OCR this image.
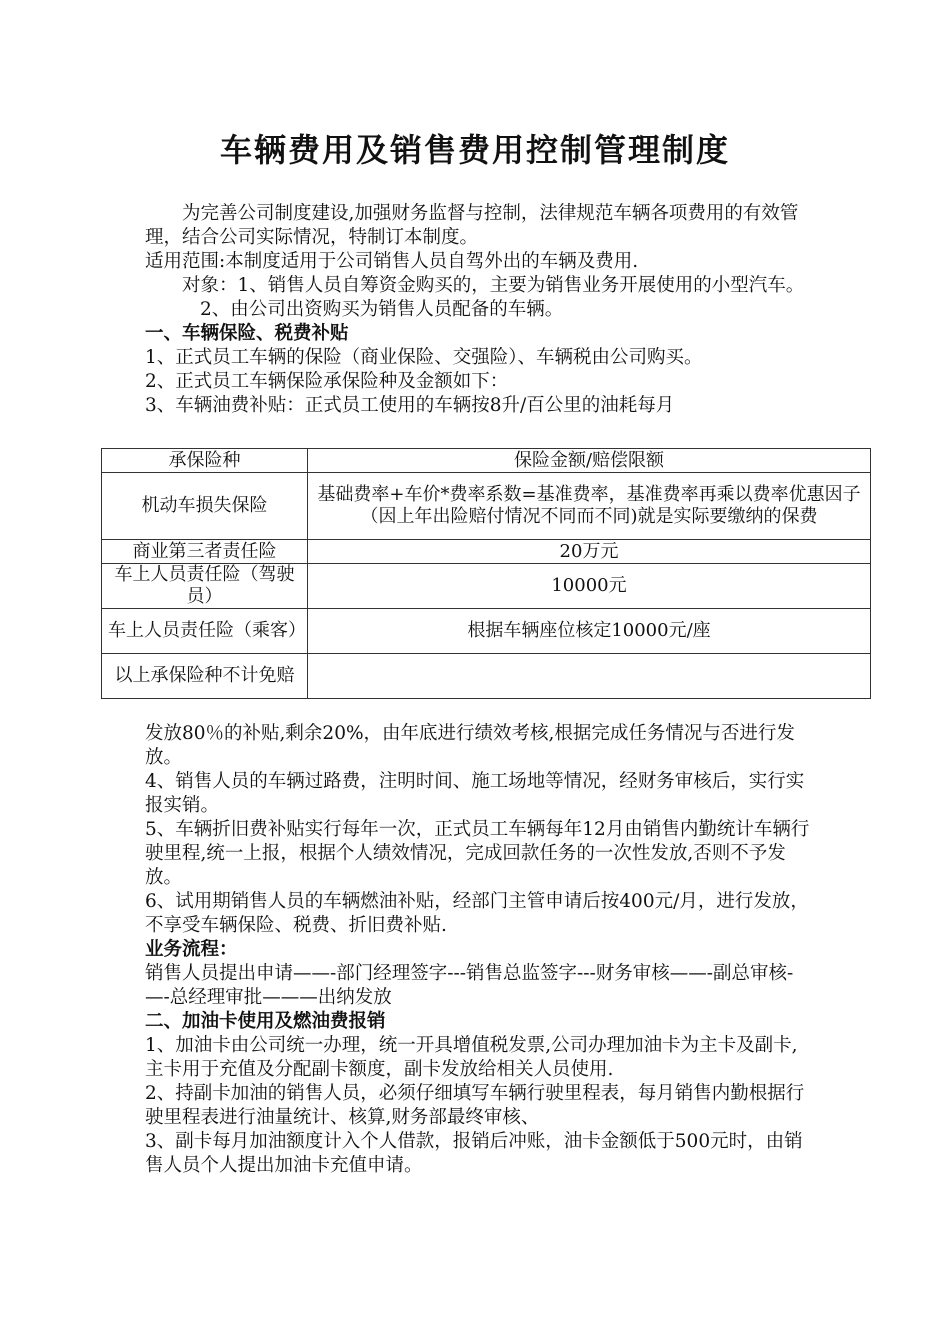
车辆费用及销售费用控制管理制度

为完善公司制度建设,加强财务监督与控制，法律规范车辆各项费用的有效管理，结合公司实际情况，特制订本制度。

适用范围:本制度适用于公司销售人员自驾外出的车辆及费用.

对象：1、销售人员自筹资金购买的，主要为销售业务开展使用的小型汽车。

2、由公司出资购买为销售人员配备的车辆。

一、车辆保险、税费补贴

1、正式员工车辆的保险（商业保险、交强险）、车辆税由公司购买。

2、正式员工车辆保险承保险种及金额如下：

3、车辆油费补贴：正式员工使用的车辆按8升/百公里的油耗每月

承保险种	保险金额/赔偿限额
机动车损失保险	基础费率+车价*费率系数=基准费率，基准费率再乘以费率优惠因子（因上年出险赔付情况不同而不同)就是实际要缴纳的保费
商业第三者责任险	20万元
车上人员责任险（驾驶员）	10000元
车上人员责任险（乘客）	根据车辆座位核定10000元/座
以上承保险种不计免赔	

发放80％的补贴,剩余20%，由年底进行绩效考核,根据完成任务情况与否进行发放。

4、销售人员的车辆过路费，注明时间、施工场地等情况，经财务审核后，实行实报实销。

5、车辆折旧费补贴实行每年一次，正式员工车辆每年12月由销售内勤统计车辆行驶里程,统一上报，根据个人绩效情况，完成回款任务的一次性发放,否则不予发放。

6、试用期销售人员的车辆燃油补贴，经部门主管申请后按400元/月，进行发放，不享受车辆保险、税费、折旧费补贴.

业务流程：

销售人员提出申请——-部门经理签字---销售总监签字---财务审核——-副总审核-—-总经理审批———出纳发放

二、加油卡使用及燃油费报销

1、加油卡由公司统一办理，统一开具增值税发票,公司办理加油卡为主卡及副卡,主卡用于充值及分配副卡额度，副卡发放给相关人员使用.

2、持副卡加油的销售人员，必须仔细填写车辆行驶里程表，每月销售内勤根据行驶里程表进行油量统计、核算,财务部最终审核、

3、副卡每月加油额度计入个人借款，报销后冲账，油卡金额低于500元时，由销售人员个人提出加油卡充值申请。
